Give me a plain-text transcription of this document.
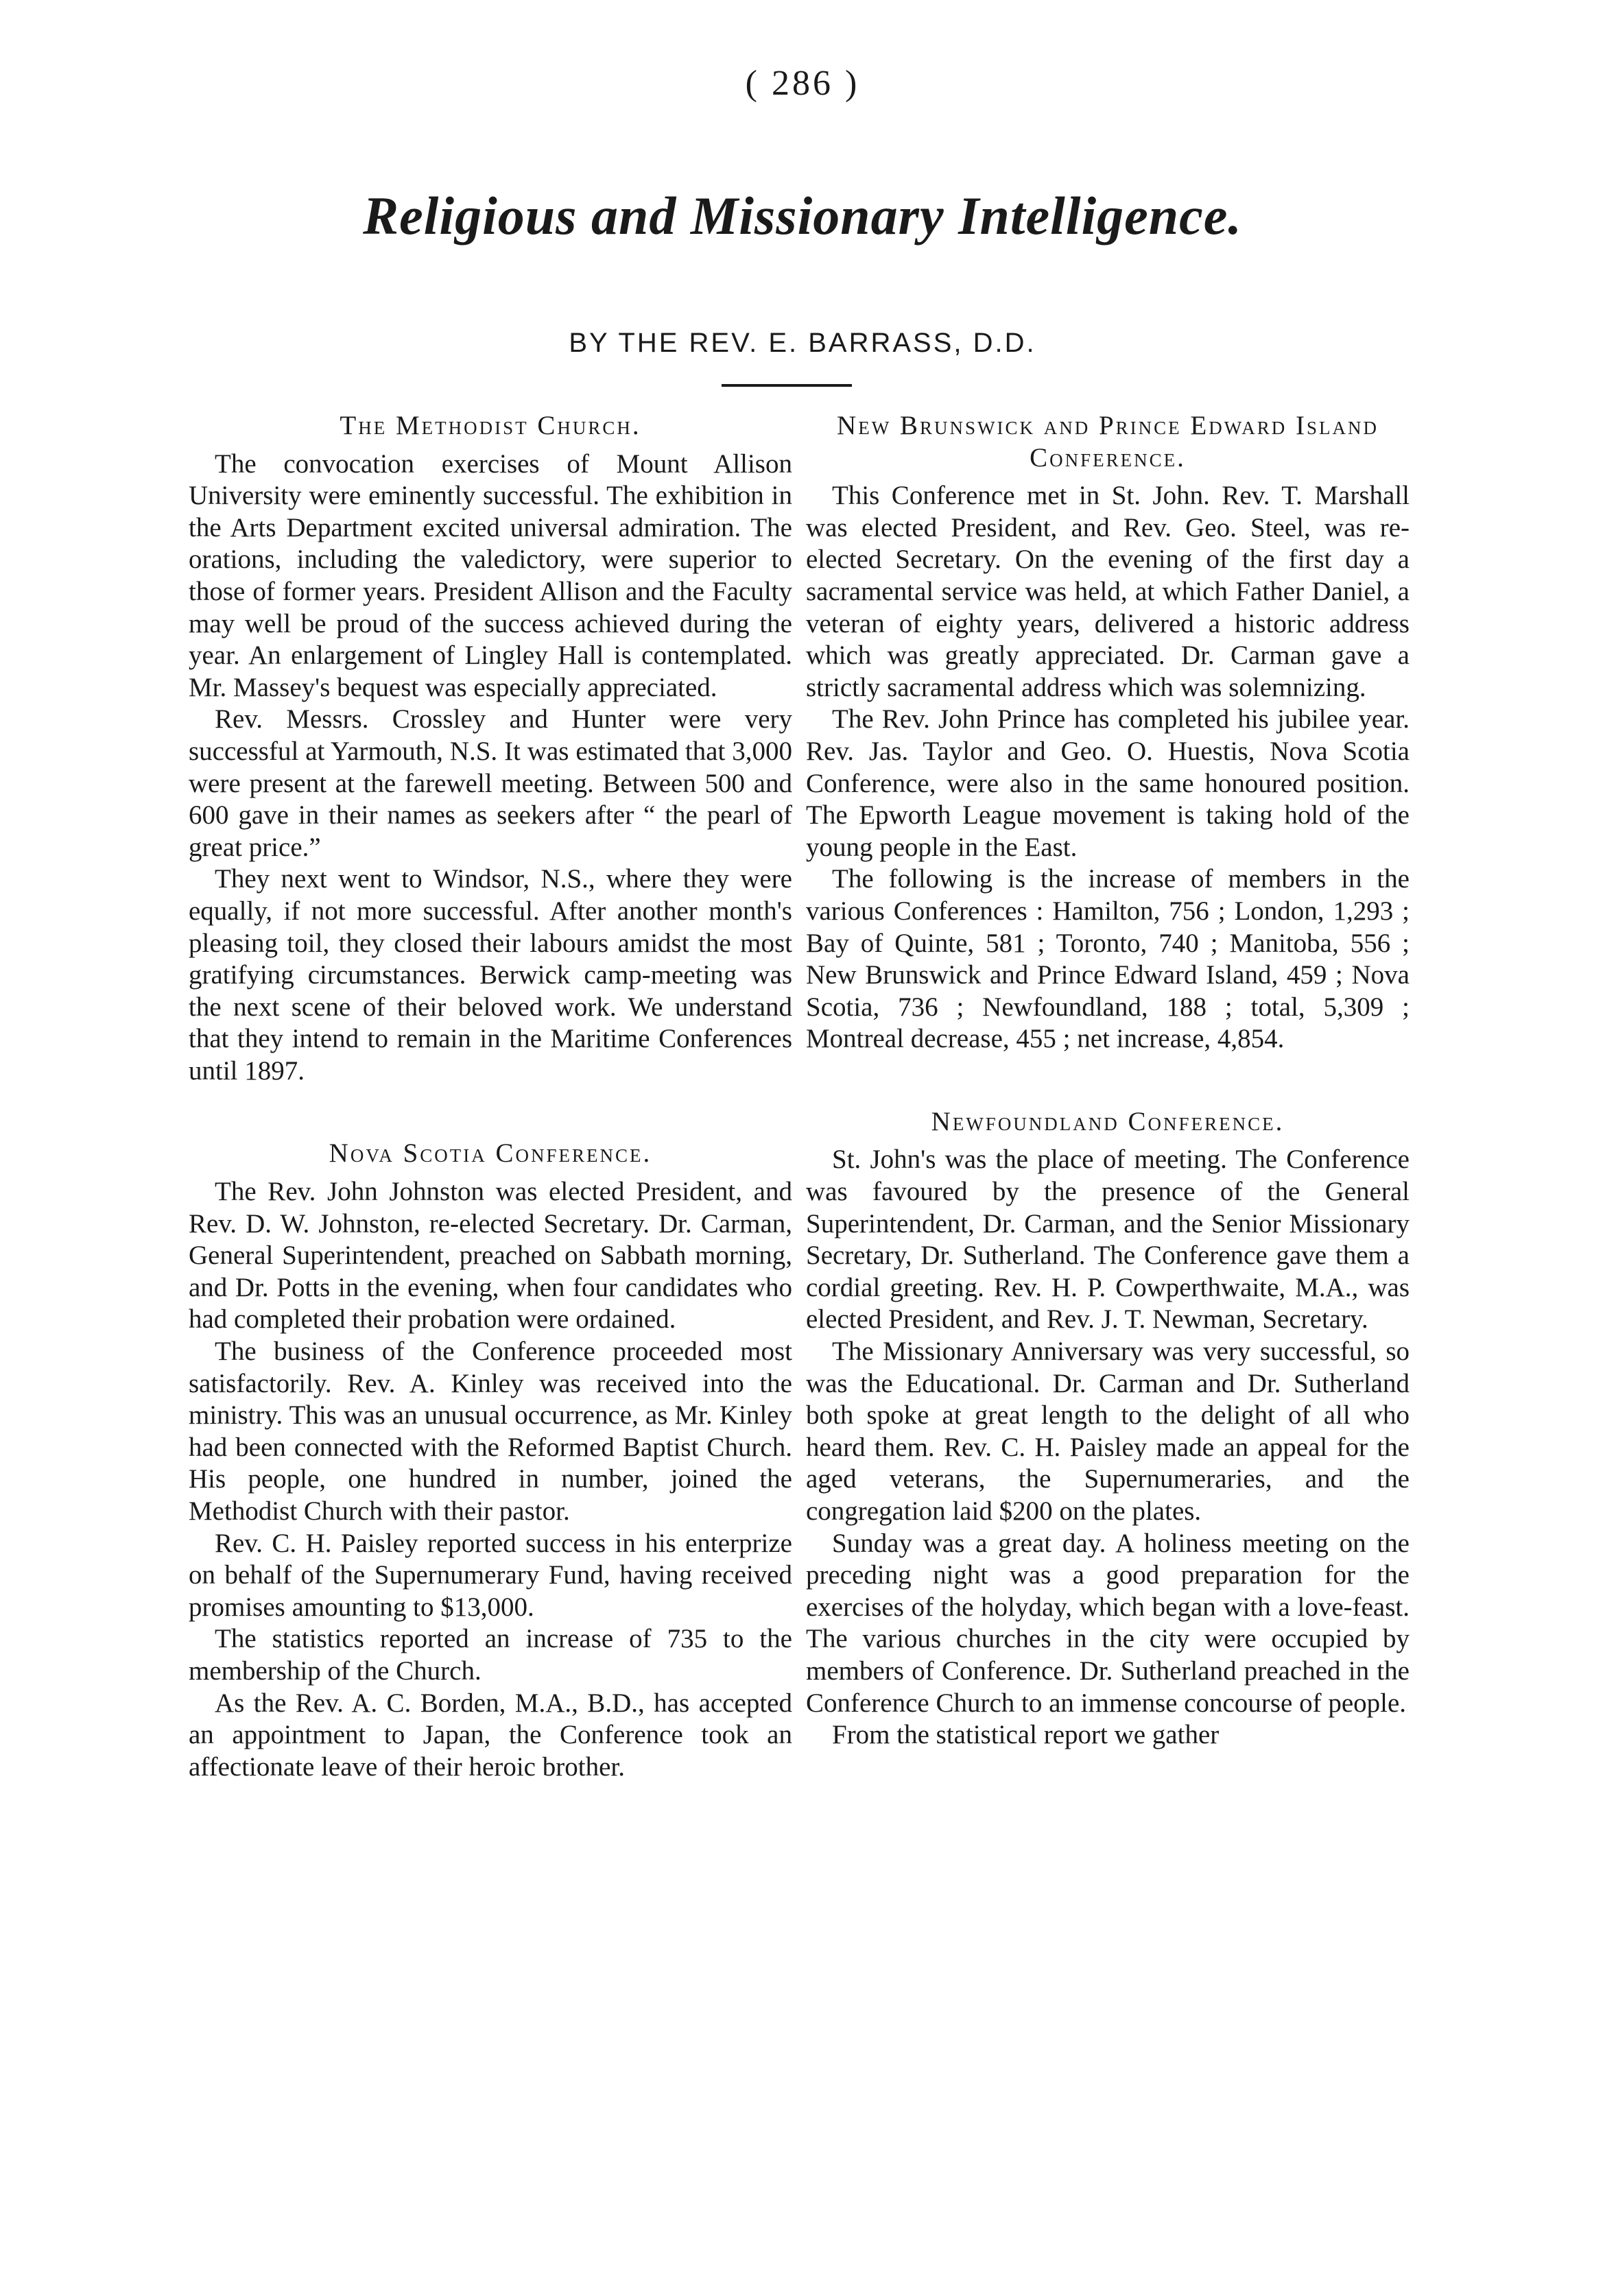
( 286 )
Religious and Missionary Intelligence.
BY THE REV. E. BARRASS, D.D.
The Methodist Church.

The convocation exercises of Mount Allison University were eminently successful. The exhibition in the Arts Department excited universal admiration. The orations, including the valedictory, were superior to those of former years. President Allison and the Faculty may well be proud of the success achieved during the year. An enlargement of Lingley Hall is contemplated. Mr. Massey's bequest was especially appreciated.

Rev. Messrs. Crossley and Hunter were very successful at Yarmouth, N.S. It was estimated that 3,000 were present at the farewell meeting. Between 500 and 600 gave in their names as seekers after “ the pearl of great price.”

They next went to Windsor, N.S., where they were equally, if not more successful. After another month's pleasing toil, they closed their labours amidst the most gratifying circumstances. Berwick camp-meeting was the next scene of their beloved work. We understand that they intend to remain in the Maritime Conferences until 1897.

Nova Scotia Conference.

The Rev. John Johnston was elected President, and Rev. D. W. Johnston, re-elected Secretary. Dr. Carman, General Superintendent, preached on Sabbath morning, and Dr. Potts in the evening, when four candidates who had completed their probation were ordained.

The business of the Conference proceeded most satisfactorily. Rev. A. Kinley was received into the ministry. This was an unusual occurrence, as Mr. Kinley had been connected with the Reformed Baptist Church. His people, one hundred in number, joined the Methodist Church with their pastor.

Rev. C. H. Paisley reported success in his enterprize on behalf of the Supernumerary Fund, having received promises amounting to $13,000.

The statistics reported an increase of 735 to the membership of the Church.

As the Rev. A. C. Borden, M.A., B.D., has accepted an appointment to Japan, the Conference took an affectionate leave of their heroic brother.

New Brunswick and Prince Edward Island Conference.

This Conference met in St. John. Rev. T. Marshall was elected President, and Rev. Geo. Steel, was re-elected Secretary. On the evening of the first day a sacramental service was held, at which Father Daniel, a veteran of eighty years, delivered a historic address which was greatly appreciated. Dr. Carman gave a strictly sacramental address which was solemnizing.

The Rev. John Prince has completed his jubilee year. Rev. Jas. Taylor and Geo. O. Huestis, Nova Scotia Conference, were also in the same honoured position. The Epworth League movement is taking hold of the young people in the East.

The following is the increase of members in the various Conferences : Hamilton, 756 ; London, 1,293 ; Bay of Quinte, 581 ; Toronto, 740 ; Manitoba, 556 ; New Brunswick and Prince Edward Island, 459 ; Nova Scotia, 736 ; Newfoundland, 188 ; total, 5,309 ; Montreal decrease, 455 ; net increase, 4,854.

Newfoundland Conference.

St. John's was the place of meeting. The Conference was favoured by the presence of the General Superintendent, Dr. Carman, and the Senior Missionary Secretary, Dr. Sutherland. The Conference gave them a cordial greeting. Rev. H. P. Cowperthwaite, M.A., was elected President, and Rev. J. T. Newman, Secretary.

The Missionary Anniversary was very successful, so was the Educational. Dr. Carman and Dr. Sutherland both spoke at great length to the delight of all who heard them. Rev. C. H. Paisley made an appeal for the aged veterans, the Supernumeraries, and the congregation laid $200 on the plates.

Sunday was a great day. A holiness meeting on the preceding night was a good preparation for the exercises of the holyday, which began with a love-feast. The various churches in the city were occupied by members of Conference. Dr. Sutherland preached in the Conference Church to an immense concourse of people.

From the statistical report we gather
